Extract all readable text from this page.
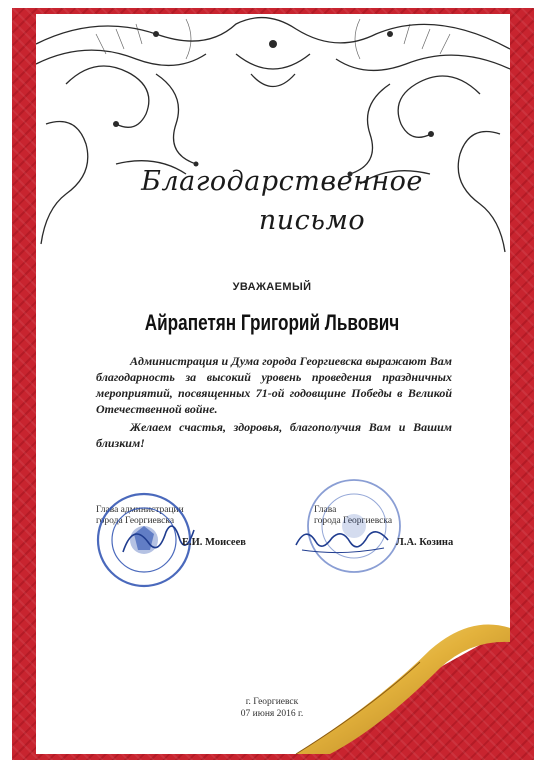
Благодарственное
письмо
УВАЖАЕМЫЙ
Айрапетян Григорий Львович

Администрация и Дума города Георгиевска выражают Вам благодарность за высокий уровень проведения праздничных мероприятий, посвященных 71-ой годовщине Победы в Великой Отечественной войне.

Желаем счастья, здоровья, благополучия Вам и Вашим близким!

Глава администрации
города Георгиевска
Е.И. Моисеев
Глава
города Георгиевска
Л.А. Козина
г. Георгиевск
07 июня 2016 г.
